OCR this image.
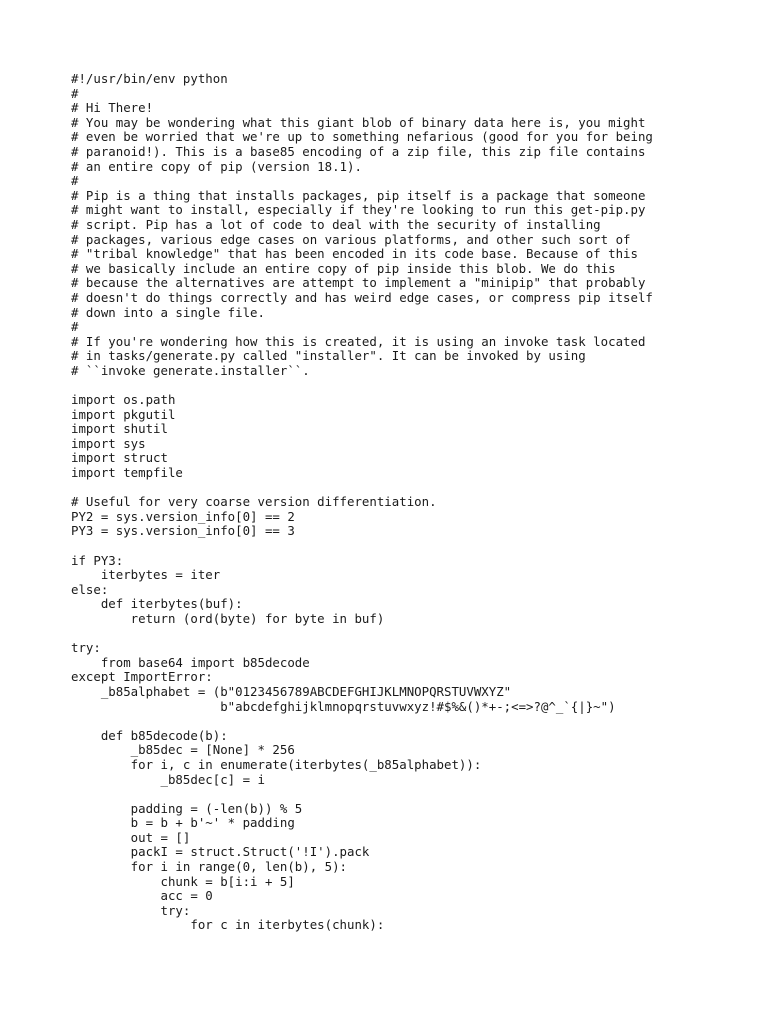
#!/usr/bin/env python
#
# Hi There!
# You may be wondering what this giant blob of binary data here is, you might
# even be worried that we're up to something nefarious (good for you for being
# paranoid!). This is a base85 encoding of a zip file, this zip file contains
# an entire copy of pip (version 18.1).
#
# Pip is a thing that installs packages, pip itself is a package that someone
# might want to install, especially if they're looking to run this get-pip.py
# script. Pip has a lot of code to deal with the security of installing
# packages, various edge cases on various platforms, and other such sort of
# "tribal knowledge" that has been encoded in its code base. Because of this
# we basically include an entire copy of pip inside this blob. We do this
# because the alternatives are attempt to implement a "minipip" that probably
# doesn't do things correctly and has weird edge cases, or compress pip itself
# down into a single file.
#
# If you're wondering how this is created, it is using an invoke task located
# in tasks/generate.py called "installer". It can be invoked by using
# ``invoke generate.installer``.
import os.path
import pkgutil
import shutil
import sys
import struct
import tempfile
# Useful for very coarse version differentiation.
PY2 = sys.version_info[0] == 2
PY3 = sys.version_info[0] == 3
if PY3:
iterbytes = iter
else:
def iterbytes(buf):
return (ord(byte) for byte in buf)
try:
from base64 import b85decode
except ImportError:
_b85alphabet = (b"0123456789ABCDEFGHIJKLMNOPQRSTUVWXYZ"
b"abcdefghijklmnopqrstuvwxyz!#$%&()*+-;<=>?@^_`{|}~")
def b85decode(b):
_b85dec = [None] * 256
for i, c in enumerate(iterbytes(_b85alphabet)):
_b85dec[c] = i
padding = (-len(b)) % 5
b = b + b'~' * padding
out = []
packI = struct.Struct('!I').pack
for i in range(0, len(b), 5):
chunk = b[i:i + 5]
acc = 0
try:
for c in iterbytes(chunk):
